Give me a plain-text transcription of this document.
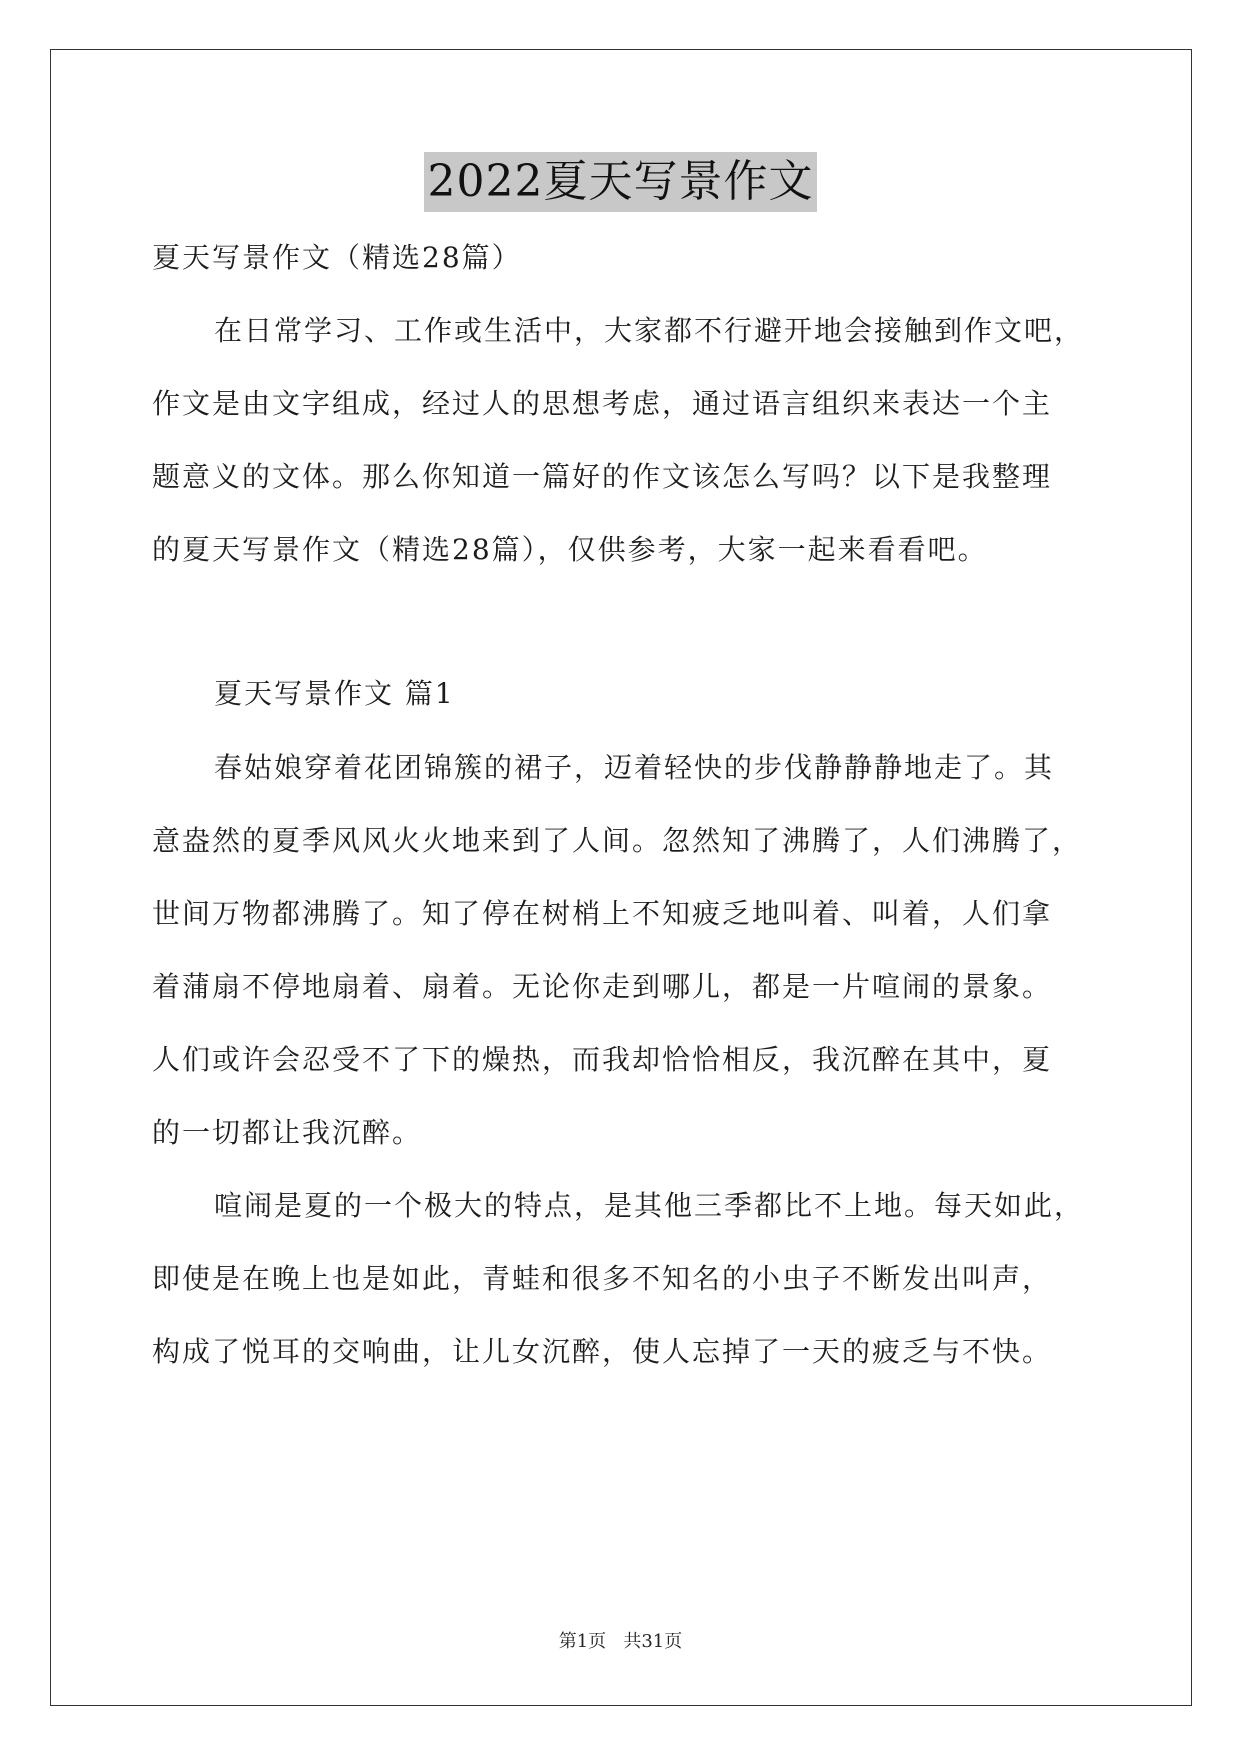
2022夏天写景作文
夏天写景作文（精选28篇）
在日常学习、工作或生活中，大家都不行避开地会接触到作文吧，
作文是由文字组成，经过人的思想考虑，通过语言组织来表达一个主
题意义的文体。那么你知道一篇好的作文该怎么写吗？以下是我整理
的夏天写景作文（精选28篇），仅供参考，大家一起来看看吧。
夏天写景作文 篇1
春姑娘穿着花团锦簇的裙子，迈着轻快的步伐静静静地走了。其
意盎然的夏季风风火火地来到了人间。忽然知了沸腾了，人们沸腾了，
世间万物都沸腾了。知了停在树梢上不知疲乏地叫着、叫着，人们拿
着蒲扇不停地扇着、扇着。无论你走到哪儿，都是一片喧闹的景象。
人们或许会忍受不了下的燥热，而我却恰恰相反，我沉醉在其中，夏
的一切都让我沉醉。
喧闹是夏的一个极大的特点，是其他三季都比不上地。每天如此，
即使是在晚上也是如此，青蛙和很多不知名的小虫子不断发出叫声，
构成了悦耳的交响曲，让儿女沉醉，使人忘掉了一天的疲乏与不快。
第1页   共31页
